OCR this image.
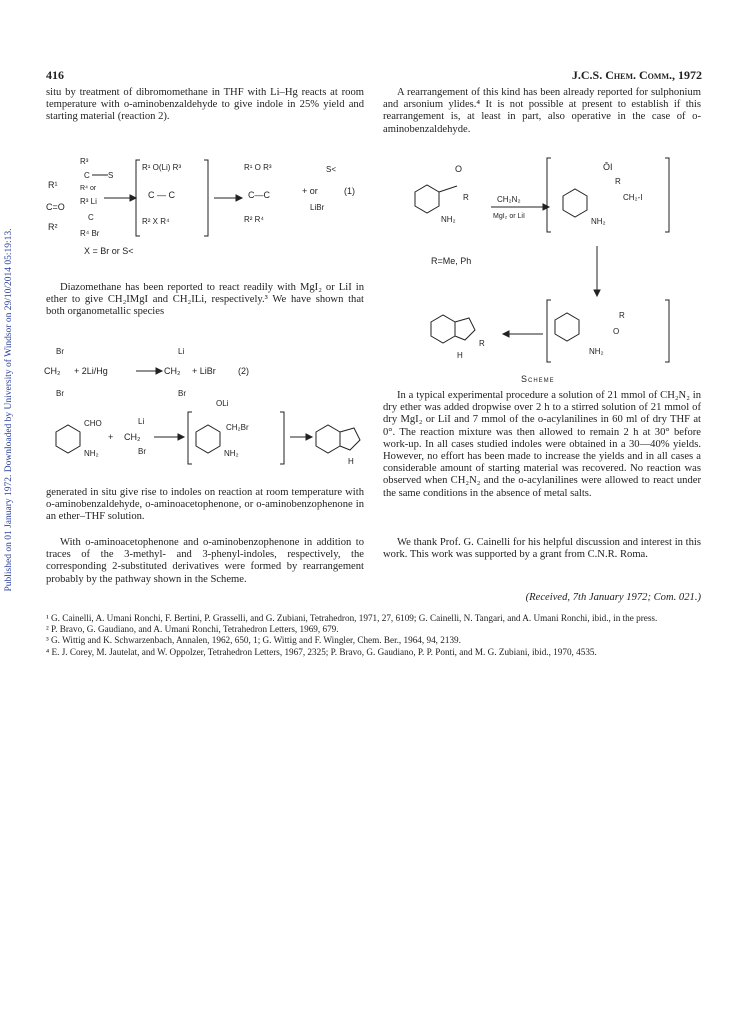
Published on 01 January 1972. Downloaded by University of Windsor on 29/10/2014 05:19:13.
416	J.C.S. Chem. Comm., 1972

situ by treatment of dibromomethane in THF with Li–Hg reacts at room temperature with o-aminobenzaldehyde to give indole in 25% yield and starting material (reaction 2).

R¹
C=O
R²
R³
C S
R⁴ or
R³ Li
C
R⁴ Br
R¹ O(Li) R³
C — C
R² X R⁴
R¹ O R³
C—C
R² R⁴
+ or
S<
LiBr
(1)
X = Br or S<

Diazomethane has been reported to react readily with MgI₂ or LiI in ether to give CH₂IMgI and CH₂ILi, respectively.³ We have shown that both organometallic species

Br
CH₂
Br
+ 2Li/Hg
Li
CH₂
Br
+ LiBr (2)
CHO
NH₂
+ CH₂
Li
Br
OLi
CH₂Br
NH₂
H

generated in situ give rise to indoles on reaction at room temperature with o-aminobenzaldehyde, o-aminoacetophenone, or o-aminobenzophenone in an ether–THF solution.

With o-aminoacetophenone and o-aminobenzophenone in addition to traces of the 3-methyl- and 3-phenyl-indoles, respectively, the corresponding 2-substituted derivatives were formed by rearrangement probably by the pathway shown in the Scheme.

A rearrangement of this kind has been already reported for sulphonium and arsonium ylides.⁴ It is not possible at present to establish if this rearrangement is, at least in part, also operative in the case of o-aminobenzaldehyde.

O
R
NH₂
CH₂N₂
MgI₂ or LiI
ŌI
R
CH₂-I
NH₂
R=Me, Ph
R
O
NH₂
R
H
Scheme

In a typical experimental procedure a solution of 21 mmol of CH₂N₂ in dry ether was added dropwise over 2 h to a stirred solution of 21 mmol of dry MgI₂ or LiI and 7 mmol of the o-acylanilines in 60 ml of dry THF at 0°. The reaction mixture was then allowed to remain 2 h at 30° before work-up. In all cases studied indoles were obtained in a 30—40% yields. However, no effort has been made to increase the yields and in all cases a considerable amount of starting material was recovered. No reaction was observed when CH₂N₂ and the o-acylanilines were allowed to react under the same conditions in the absence of metal salts.

We thank Prof. G. Cainelli for his helpful discussion and interest in this work. This work was supported by a grant from C.N.R. Roma.

(Received, 7th January 1972; Com. 021.)

¹ G. Cainelli, A. Umani Ronchi, F. Bertini, P. Grasselli, and G. Zubiani, Tetrahedron, 1971, 27, 6109; G. Cainelli, N. Tangari, and A. Umani Ronchi, ibid., in the press.

² P. Bravo, G. Gaudiano, and A. Umani Ronchi, Tetrahedron Letters, 1969, 679.

³ G. Wittig and K. Schwarzenbach, Annalen, 1962, 650, 1; G. Wittig and F. Wingler, Chem. Ber., 1964, 94, 2139.

⁴ E. J. Corey, M. Jautelat, and W. Oppolzer, Tetrahedron Letters, 1967, 2325; P. Bravo, G. Gaudiano, P. P. Ponti, and M. G. Zubiani, ibid., 1970, 4535.
